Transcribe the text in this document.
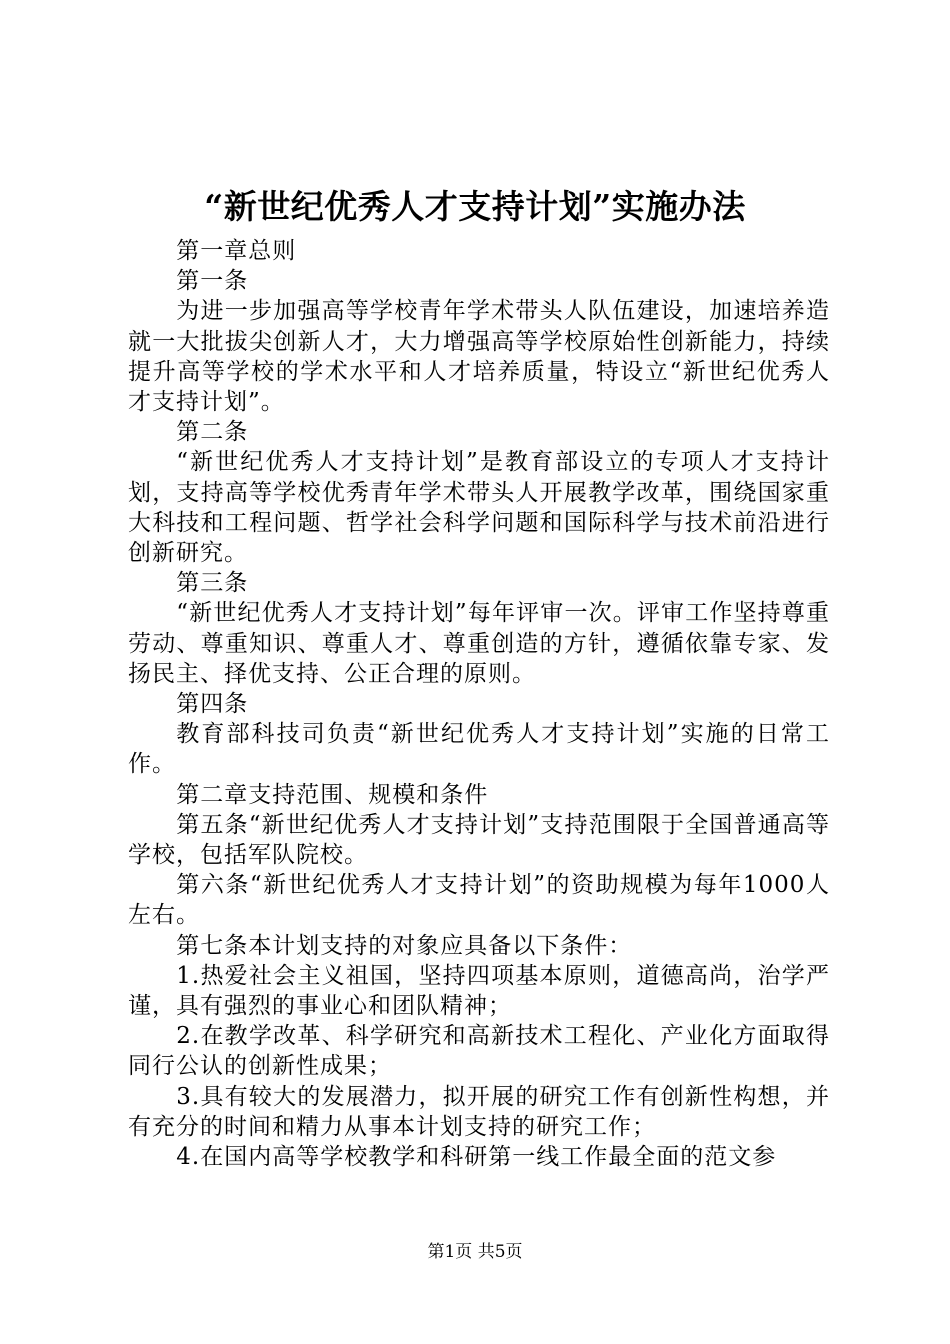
“新世纪优秀人才支持计划”实施办法

第一章总则

第一条

为进一步加强高等学校青年学术带头人队伍建设，加速培养造就一大批拔尖创新人才，大力增强高等学校原始性创新能力，持续提升高等学校的学术水平和人才培养质量，特设立“新世纪优秀人才支持计划”。

第二条

“新世纪优秀人才支持计划”是教育部设立的专项人才支持计划，支持高等学校优秀青年学术带头人开展教学改革，围绕国家重大科技和工程问题、哲学社会科学问题和国际科学与技术前沿进行创新研究。

第三条

“新世纪优秀人才支持计划”每年评审一次。评审工作坚持尊重劳动、尊重知识、尊重人才、尊重创造的方针，遵循依靠专家、发扬民主、择优支持、公正合理的原则。

第四条

教育部科技司负责“新世纪优秀人才支持计划”实施的日常工作。

第二章支持范围、规模和条件

第五条“新世纪优秀人才支持计划”支持范围限于全国普通高等学校，包括军队院校。

第六条“新世纪优秀人才支持计划”的资助规模为每年1000人左右。

第七条本计划支持的对象应具备以下条件：

1.热爱社会主义祖国，坚持四项基本原则，道德高尚，治学严谨，具有强烈的事业心和团队精神；

2.在教学改革、科学研究和高新技术工程化、产业化方面取得同行公认的创新性成果；

3.具有较大的发展潜力，拟开展的研究工作有创新性构想，并有充分的时间和精力从事本计划支持的研究工作；

4.在国内高等学校教学和科研第一线工作最全面的范文参

第1页 共5页
